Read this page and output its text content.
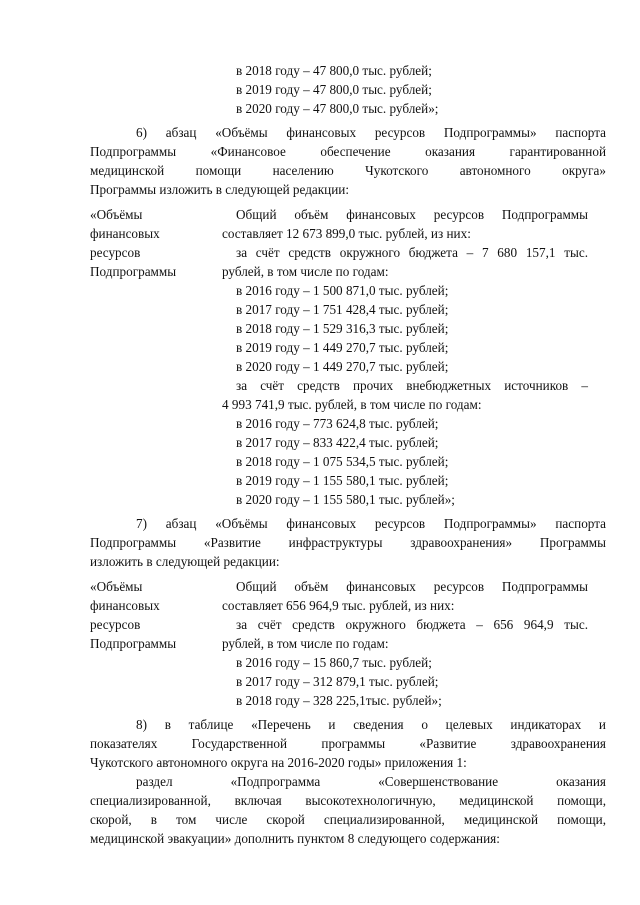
в 2018 году – 47 800,0 тыс. рублей;
в 2019 году – 47 800,0 тыс. рублей;
в 2020 году – 47 800,0 тыс. рублей»;
6) абзац «Объёмы финансовых ресурсов Подпрограммы» паспорта
Подпрограммы «Финансовое обеспечение оказания гарантированной
медицинской помощи населению Чукотского автономного округа»
Программы изложить в следующей редакции:
«Объёмы
финансовых
ресурсов
Подпрограммы
Общий объём финансовых ресурсов Подпрограммы
составляет 12 673 899,0 тыс. рублей, из них:
за счёт средств окружного бюджета – 7 680 157,1 тыс.
рублей, в том числе по годам:
в 2016 году – 1 500 871,0 тыс. рублей;
в 2017 году – 1 751 428,4 тыс. рублей;
в 2018 году – 1 529 316,3 тыс. рублей;
в 2019 году – 1 449 270,7 тыс. рублей;
в 2020 году – 1 449 270,7 тыс. рублей;
за счёт средств прочих внебюджетных источников –
4 993 741,9 тыс. рублей, в том числе по годам:
в 2016 году – 773 624,8 тыс. рублей;
в 2017 году – 833 422,4 тыс. рублей;
в 2018 году – 1 075 534,5 тыс. рублей;
в 2019 году – 1 155 580,1 тыс. рублей;
в 2020 году – 1 155 580,1 тыс. рублей»;
7) абзац «Объёмы финансовых ресурсов Подпрограммы» паспорта
Подпрограммы «Развитие инфраструктуры здравоохранения» Программы
изложить в следующей редакции:
«Объёмы
финансовых
ресурсов
Подпрограммы
Общий объём финансовых ресурсов Подпрограммы
составляет 656 964,9 тыс. рублей, из них:
за счёт средств окружного бюджета – 656 964,9 тыс.
рублей, в том числе по годам:
в 2016 году – 15 860,7 тыс. рублей;
в 2017 году – 312 879,1 тыс. рублей;
в 2018 году – 328 225,1тыс. рублей»;
8) в таблице «Перечень и сведения о целевых индикаторах и
показателях Государственной программы «Развитие здравоохранения
Чукотского автономного округа на 2016-2020 годы» приложения 1:
раздел «Подпрограмма «Совершенствование оказания
специализированной, включая высокотехнологичную, медицинской помощи,
скорой, в том числе скорой специализированной, медицинской помощи,
медицинской эвакуации» дополнить пунктом 8 следующего содержания:
